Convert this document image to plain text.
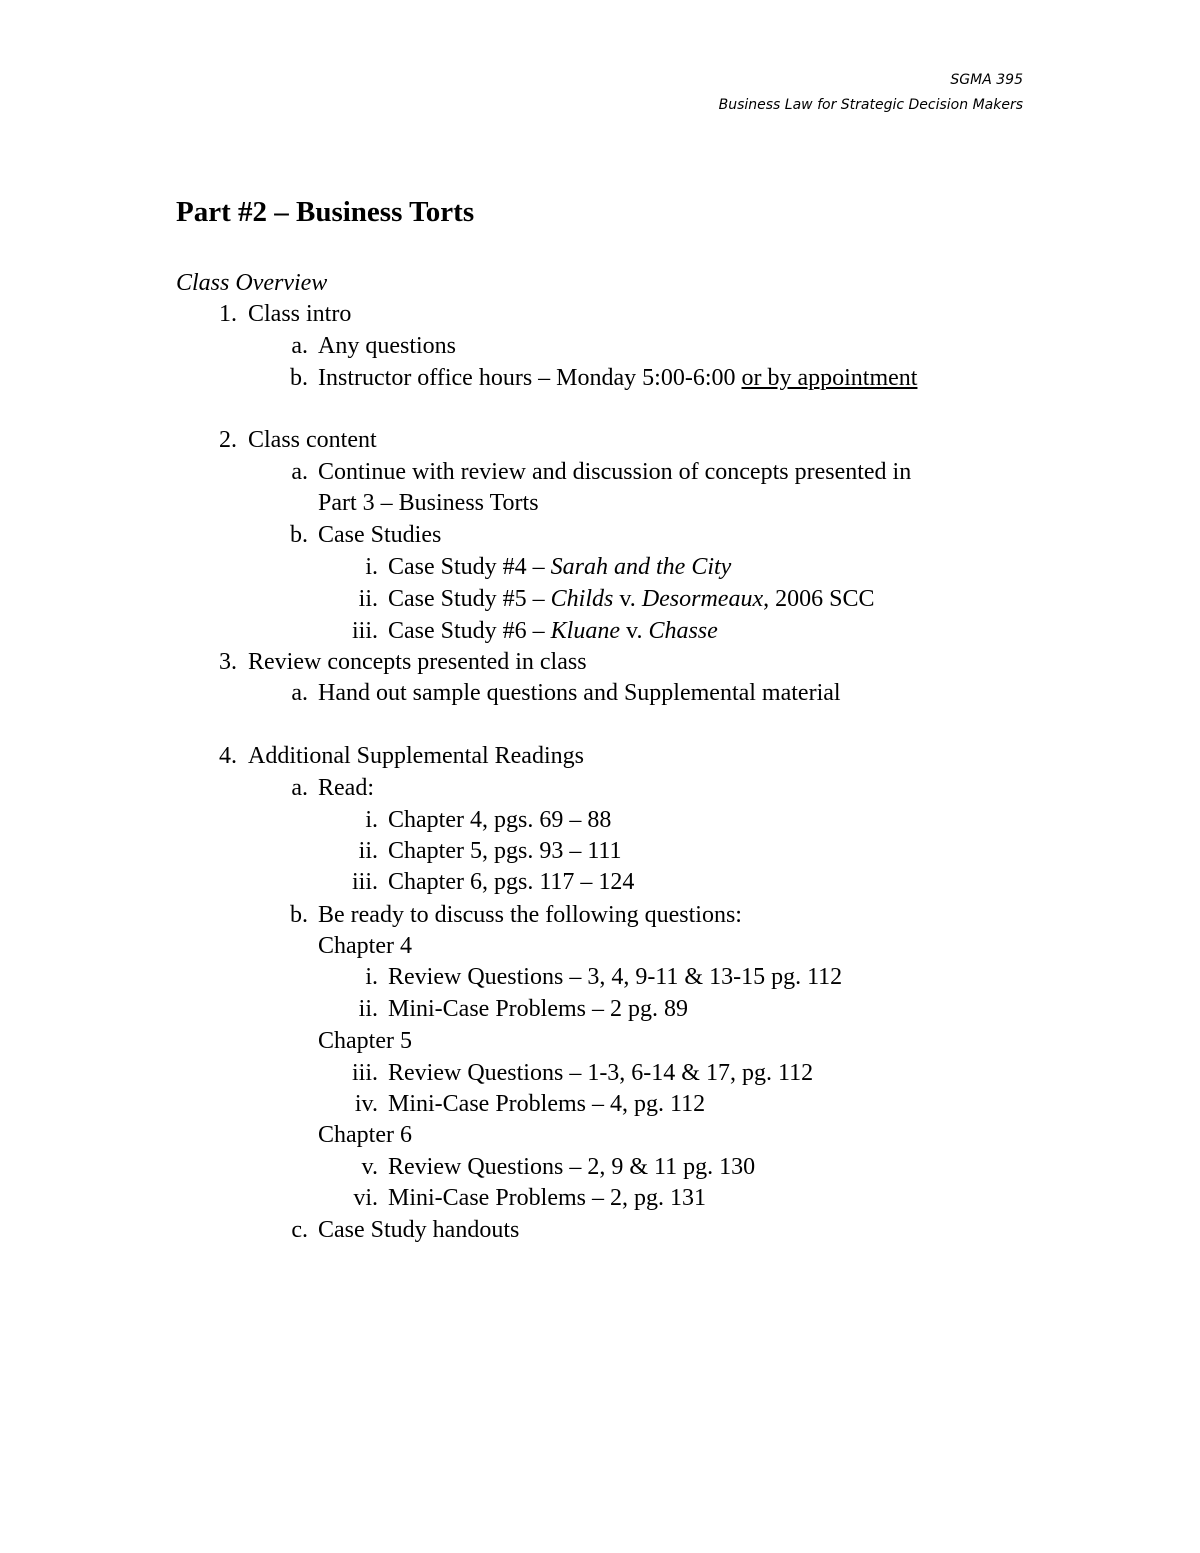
SGMA 395
Business Law for Strategic Decision Makers
Part #2 – Business Torts
Class Overview
1. Class intro
a. Any questions
b. Instructor office hours – Monday 5:00-6:00 or by appointment
2. Class content
a. Continue with review and discussion of concepts presented in
Part 3 – Business Torts
b. Case Studies
i. Case Study #4 – Sarah and the City
ii. Case Study #5 – Childs v. Desormeaux, 2006 SCC
iii. Case Study #6 – Kluane v. Chasse
3. Review concepts presented in class
a. Hand out sample questions and Supplemental material
4. Additional Supplemental Readings
a. Read:
i. Chapter 4, pgs. 69 – 88
ii. Chapter 5, pgs. 93 – 111
iii. Chapter 6, pgs. 117 – 124
b. Be ready to discuss the following questions:
Chapter 4
i. Review Questions – 3, 4, 9-11 & 13-15 pg. 112
ii. Mini-Case Problems – 2 pg. 89
Chapter 5
iii. Review Questions – 1-3, 6-14 & 17, pg. 112
iv. Mini-Case Problems – 4, pg. 112
Chapter 6
v. Review Questions – 2, 9 & 11 pg. 130
vi. Mini-Case Problems – 2, pg. 131
c. Case Study handouts
